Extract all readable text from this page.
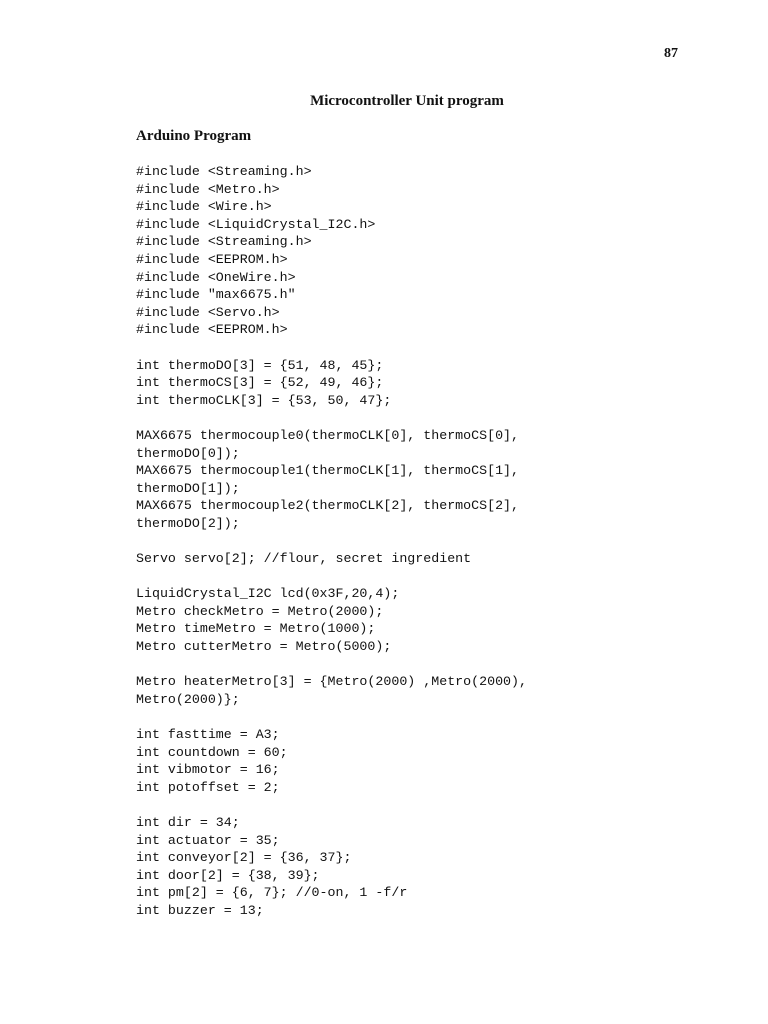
87
Microcontroller Unit program
Arduino Program
#include <Streaming.h>
#include <Metro.h>
#include <Wire.h>
#include <LiquidCrystal_I2C.h>
#include <Streaming.h>
#include <EEPROM.h>
#include <OneWire.h>
#include "max6675.h"
#include <Servo.h>
#include <EEPROM.h>
int thermoDO[3] = {51, 48, 45};
int thermoCS[3] = {52, 49, 46};
int thermoCLK[3] = {53, 50, 47};
MAX6675 thermocouple0(thermoCLK[0], thermoCS[0],
thermoDO[0]);
MAX6675 thermocouple1(thermoCLK[1], thermoCS[1],
thermoDO[1]);
MAX6675 thermocouple2(thermoCLK[2], thermoCS[2],
thermoDO[2]);
Servo servo[2]; //flour, secret ingredient
LiquidCrystal_I2C lcd(0x3F,20,4);
Metro checkMetro = Metro(2000);
Metro timeMetro = Metro(1000);
Metro cutterMetro = Metro(5000);
Metro heaterMetro[3] = {Metro(2000) ,Metro(2000),
Metro(2000)};
int fasttime = A3;
int countdown = 60;
int vibmotor = 16;
int potoffset = 2;
int dir = 34;
int actuator = 35;
int conveyor[2] = {36, 37};
int door[2] = {38, 39};
int pm[2] = {6, 7}; //0-on, 1 -f/r
int buzzer = 13;
